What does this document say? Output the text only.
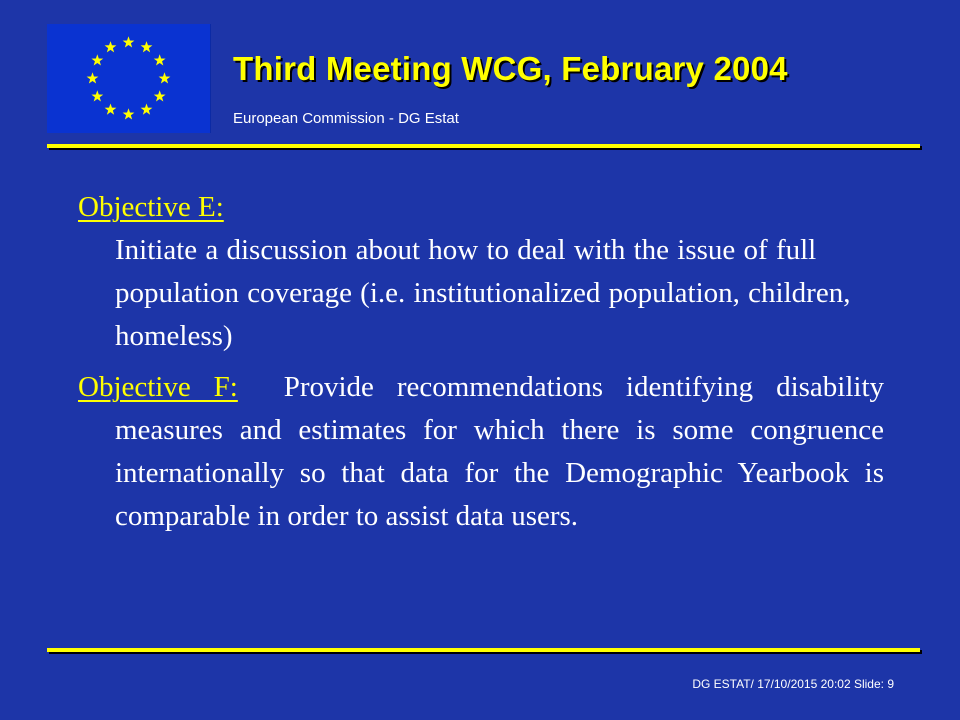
Third Meeting WCG, February 2004
European Commission - DG Estat
Objective E:
Initiate a discussion about how to deal with the issue of full population coverage (i.e. institutionalized population, children, homeless)
Objective F: Provide recommendations identifying disability measures and estimates for which there is some congruence internationally so that data for the Demographic Yearbook is comparable in order to assist data users.
DG ESTAT/ 17/10/2015 20:02 Slide: 9
